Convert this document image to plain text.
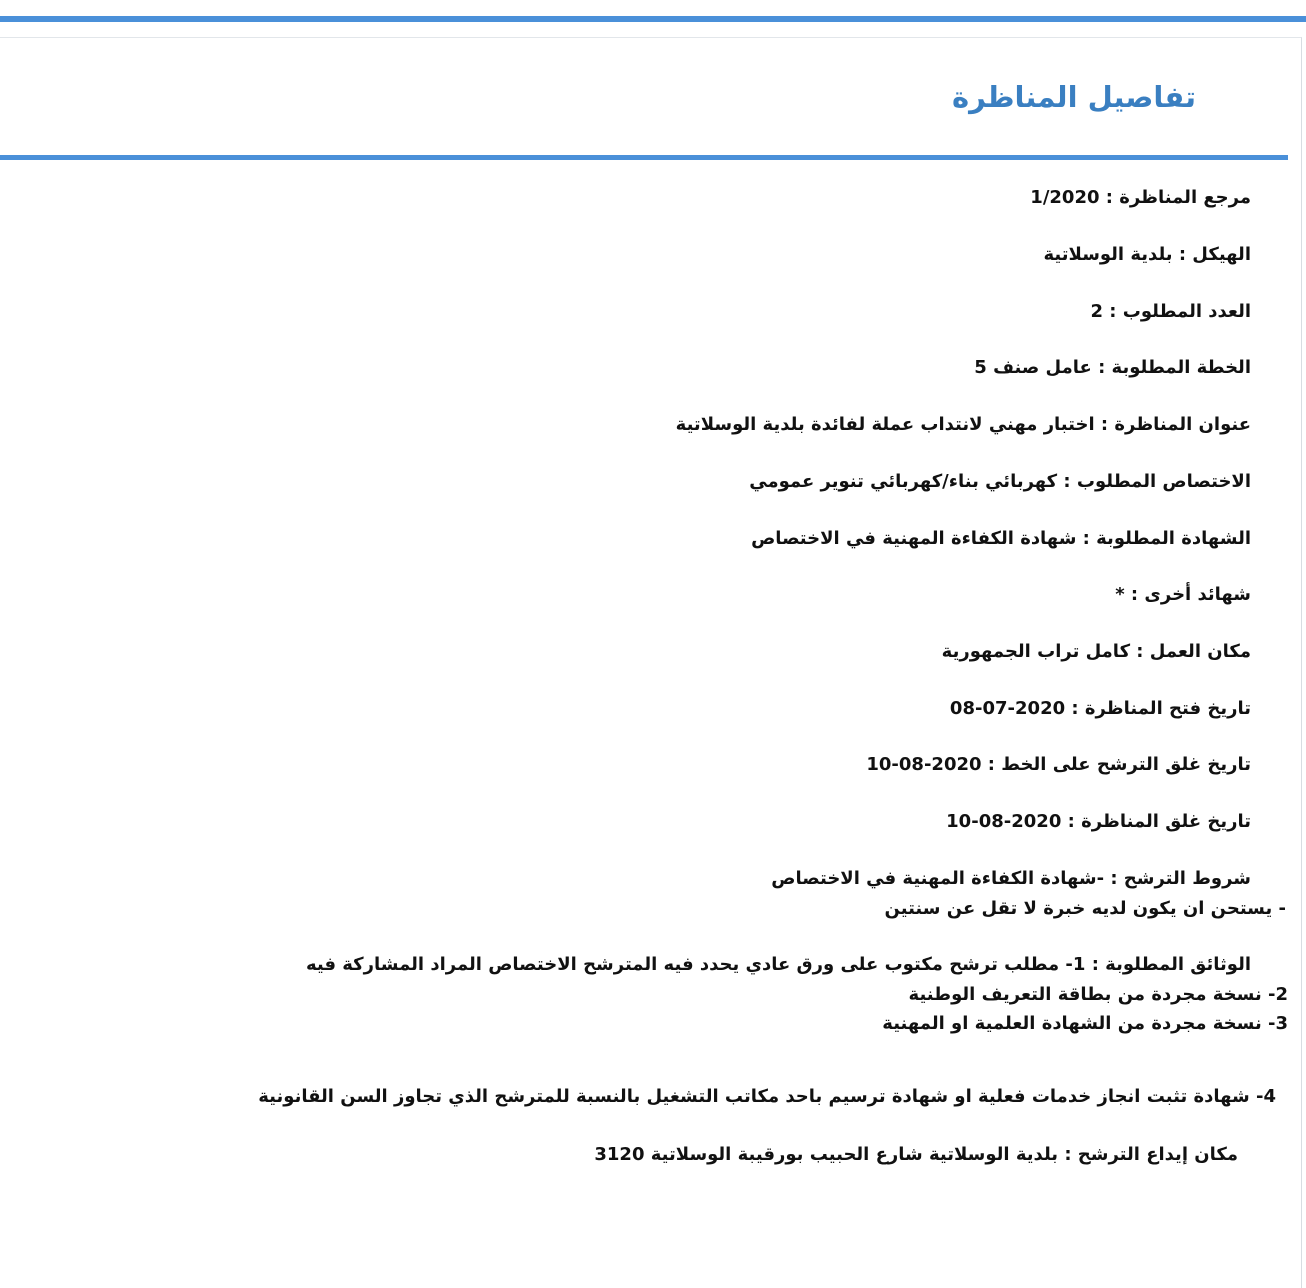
تفاصيل المناظرة
مرجع المناظرة : 1/2020
الهيكل : بلدية الوسلاتية
العدد المطلوب : 2
الخطة المطلوبة : عامل صنف 5
عنوان المناظرة : اختبار مهني لانتداب عملة لفائدة بلدية الوسلاتية
الاختصاص المطلوب : كهربائي بناء/كهربائي تنوير عمومي
الشهادة المطلوبة : شهادة الكفاءة المهنية في الاختصاص
شهائد أخرى : *
مكان العمل : كامل تراب الجمهورية
تاريخ فتح المناظرة : 2020-07-08
تاريخ غلق الترشح على الخط : 2020-08-10
تاريخ غلق المناظرة : 2020-08-10
شروط الترشح : -شهادة الكفاءة المهنية في الاختصاص
- يستحن ان يكون لديه خبرة لا تقل عن سنتين
الوثائق المطلوبة : 1- مطلب ترشح مكتوب على ورق عادي يحدد فيه المترشح الاختصاص المراد المشاركة فيه
2- نسخة مجردة من بطاقة التعريف الوطنية
3- نسخة مجردة من الشهادة العلمية او المهنية
4- شهادة تثبت انجاز خدمات فعلية او شهادة ترسيم باحد مكاتب التشغيل بالنسبة للمترشح الذي تجاوز السن القانونية
مكان إيداع الترشح : بلدية الوسلاتية شارع الحبيب بورقيبة الوسلاتية 3120
